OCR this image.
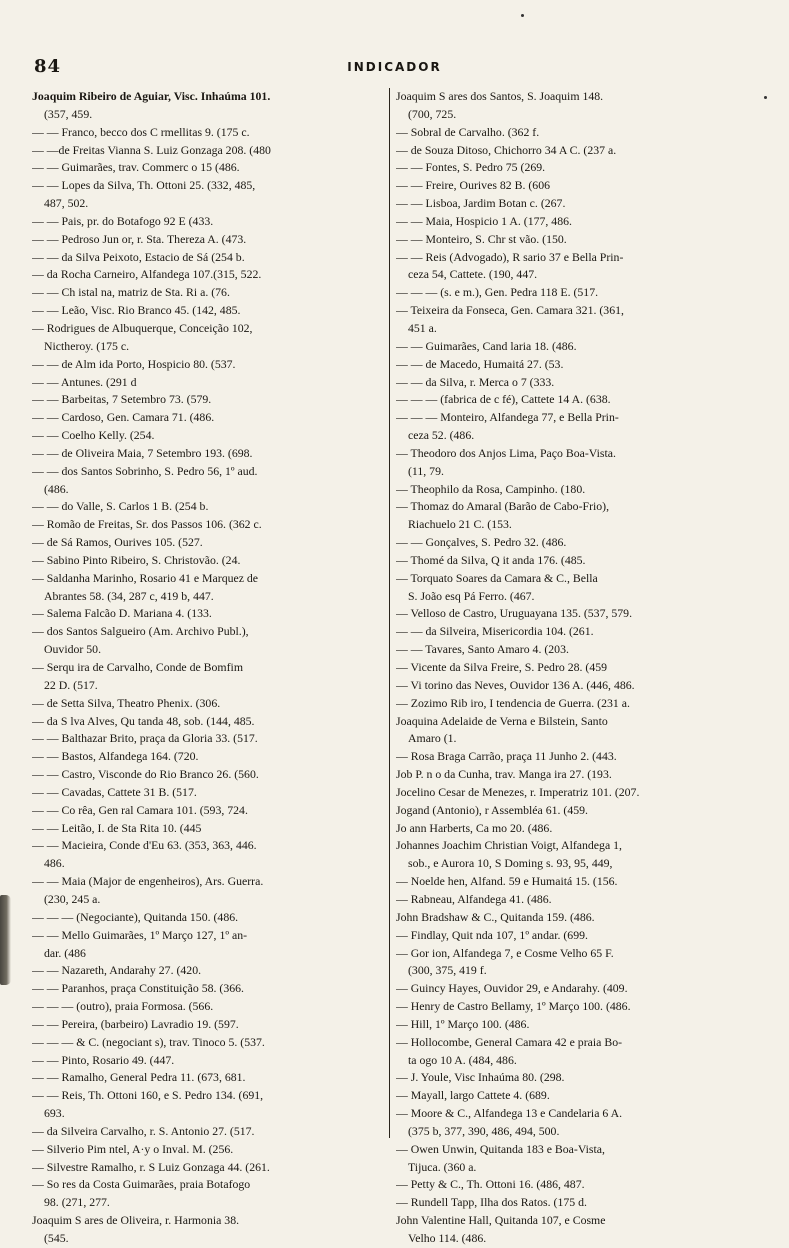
84	INDICADOR
Joaquim Ribeiro de Aguiar, Visc. Inhaúma 101.
(357, 459.
— — Franco, becco dos C rmellitas 9. (175 c.
— —de Freitas Vianna S. Luiz Gonzaga 208. (480
— — Guimarães, trav. Commerc o 15 (486.
— — Lopes da Silva, Th. Ottoni 25. (332, 485,
487, 502.
— — Pais, pr. do Botafogo 92 E (433.
— — Pedroso Jun or, r. Sta. Thereza A. (473.
— — da Silva Peixoto, Estacio de Sá (254 b.
— da Rocha Carneiro, Alfandega 107.(315, 522.
— — Ch istal na, matriz de Sta. Ri a. (76.
— — Leão, Visc. Rio Branco 45. (142, 485.
— Rodrigues de Albuquerque, Conceição 102,
Nictheroy. (175 c.
— — de Alm ida Porto, Hospicio 80. (537.
— — Antunes. (291 d
— — Barbeitas, 7 Setembro 73. (579.
— — Cardoso, Gen. Camara 71. (486.
— — Coelho Kelly. (254.
— — de Oliveira Maia, 7 Setembro 193. (698.
— — dos Santos Sobrinho, S. Pedro 56, 1º aud.
(486.
— — do Valle, S. Carlos 1 B. (254 b.
— Romão de Freitas, Sr. dos Passos 106. (362 c.
— de Sá Ramos, Ourives 105. (527.
— Sabino Pinto Ribeiro, S. Christovão. (24.
— Saldanha Marinho, Rosario 41 e Marquez de
Abrantes 58. (34, 287 c, 419 b, 447.
— Salema Falcão D. Mariana 4. (133.
— dos Santos Salgueiro (Am. Archivo Publ.),
Ouvidor 50.
— Serqu ira de Carvalho, Conde de Bomfim
22 D. (517.
— de Setta Silva, Theatro Phenix. (306.
— da S lva Alves, Qu tanda 48, sob. (144, 485.
— — Balthazar Brito, praça da Gloria 33. (517.
— — Bastos, Alfandega 164. (720.
— — Castro, Visconde do Rio Branco 26. (560.
— — Cavadas, Cattete 31 B. (517.
— — Co rêa, Gen ral Camara 101. (593, 724.
— — Leitão, I. de Sta Rita 10. (445
— — Macieira, Conde d'Eu 63. (353, 363, 446.
486.
— — Maia (Major de engenheiros), Ars. Guerra.
(230, 245 a.
— — — (Negociante), Quitanda 150. (486.
— — Mello Guimarães, 1º Março 127, 1º an-
dar. (486
— — Nazareth, Andarahy 27. (420.
— — Paranhos, praça Constituição 58. (366.
— — — (outro), praia Formosa. (566.
— — Pereira, (barbeiro) Lavradio 19. (597.
— — — & C. (negociant s), trav. Tinoco 5. (537.
— — Pinto, Rosario 49. (447.
— — Ramalho, General Pedra 11. (673, 681.
— — Reis, Th. Ottoni 160, e S. Pedro 134. (691,
693.
— da Silveira Carvalho, r. S. Antonio 27. (517.
— Silverio Pim ntel, A·y o Inval. M. (256.
— Silvestre Ramalho, r. S Luiz Gonzaga 44. (261.
— So res da Costa Guimarães, praia Botafogo
98. (271, 277.
Joaquim S ares de Oliveira, r. Harmonia 38.
(545.
Joaquim S ares dos Santos, S. Joaquim 148.
(700, 725.
— Sobral de Carvalho. (362 f.
— de Souza Ditoso, Chichorro 34 A C. (237 a.
— — Fontes, S. Pedro 75 (269.
— — Freire, Ourives 82 B. (606
— — Lisboa, Jardim Botan c. (267.
— — Maia, Hospicio 1 A. (177, 486.
— — Monteiro, S. Chr st vão. (150.
— — Reis (Advogado), R sario 37 e Bella Prin-
ceza 54, Cattete. (190, 447.
— — — (s. e m.), Gen. Pedra 118 E. (517.
— Teixeira da Fonseca, Gen. Camara 321. (361,
451 a.
— — Guimarães, Cand laria 18. (486.
— — de Macedo, Humaitá 27. (53.
— — da Silva, r. Merca o 7 (333.
— — — (fabrica de c fé), Cattete 14 A. (638.
— — — Monteiro, Alfandega 77, e Bella Prin-
ceza 52. (486.
— Theodoro dos Anjos Lima, Paço Boa-Vista.
(11, 79.
— Theophilo da Rosa, Campinho. (180.
— Thomaz do Amaral (Barão de Cabo-Frio),
Riachuelo 21 C. (153.
— — Gonçalves, S. Pedro 32. (486.
— Thomé da Silva, Q it anda 176. (485.
— Torquato Soares da Camara & C., Bella
S. João esq Pá Ferro. (467.
— Velloso de Castro, Uruguayana 135. (537, 579.
— — da Silveira, Misericordia 104. (261.
— — Tavares, Santo Amaro 4. (203.
— Vicente da Silva Freire, S. Pedro 28. (459
— Vi torino das Neves, Ouvidor 136 A. (446, 486.
— Zozimo Rib iro, I tendencia de Guerra. (231 a.
Joaquina Adelaide de Verna e Bilstein, Santo
Amaro (1.
— Rosa Braga Carrão, praça 11 Junho 2. (443.
Job P. n o da Cunha, trav. Manga ira 27. (193.
Jocelino Cesar de Menezes, r. Imperatriz 101. (207.
Jogand (Antonio), r Assembléa 61. (459.
Jo ann Harberts, Ca mo 20. (486.
Johannes Joachim Christian Voigt, Alfandega 1,
sob., e Aurora 10, S Doming s. 93, 95, 449,
— Noelde hen, Alfand. 59 e Humaitá 15. (156.
— Rabneau, Alfandega 41. (486.
John Bradshaw & C., Quitanda 159. (486.
— Findlay, Quit nda 107, 1º andar. (699.
— Gor ion, Alfandega 7, e Cosme Velho 65 F.
(300, 375, 419 f.
— Guincy Hayes, Ouvidor 29, e Andarahy. (409.
— Henry de Castro Bellamy, 1º Março 100. (486.
— Hill, 1º Março 100. (486.
— Hollocombe, General Camara 42 e praia Bo-
ta ogo 10 A. (484, 486.
— J. Youle, Visc Inhaúma 80. (298.
— Mayall, largo Cattete 4. (689.
— Moore & C., Alfandega 13 e Candelaria 6 A.
(375 b, 377, 390, 486, 494, 500.
— Owen Unwin, Quitanda 183 e Boa-Vista,
Tijuca. (360 a.
— Petty & C., Th. Ottoni 16. (486, 487.
— Rundell Tapp, Ilha dos Ratos. (175 d.
John Valentine Hall, Quitanda 107, e Cosme
Velho 114. (486.
